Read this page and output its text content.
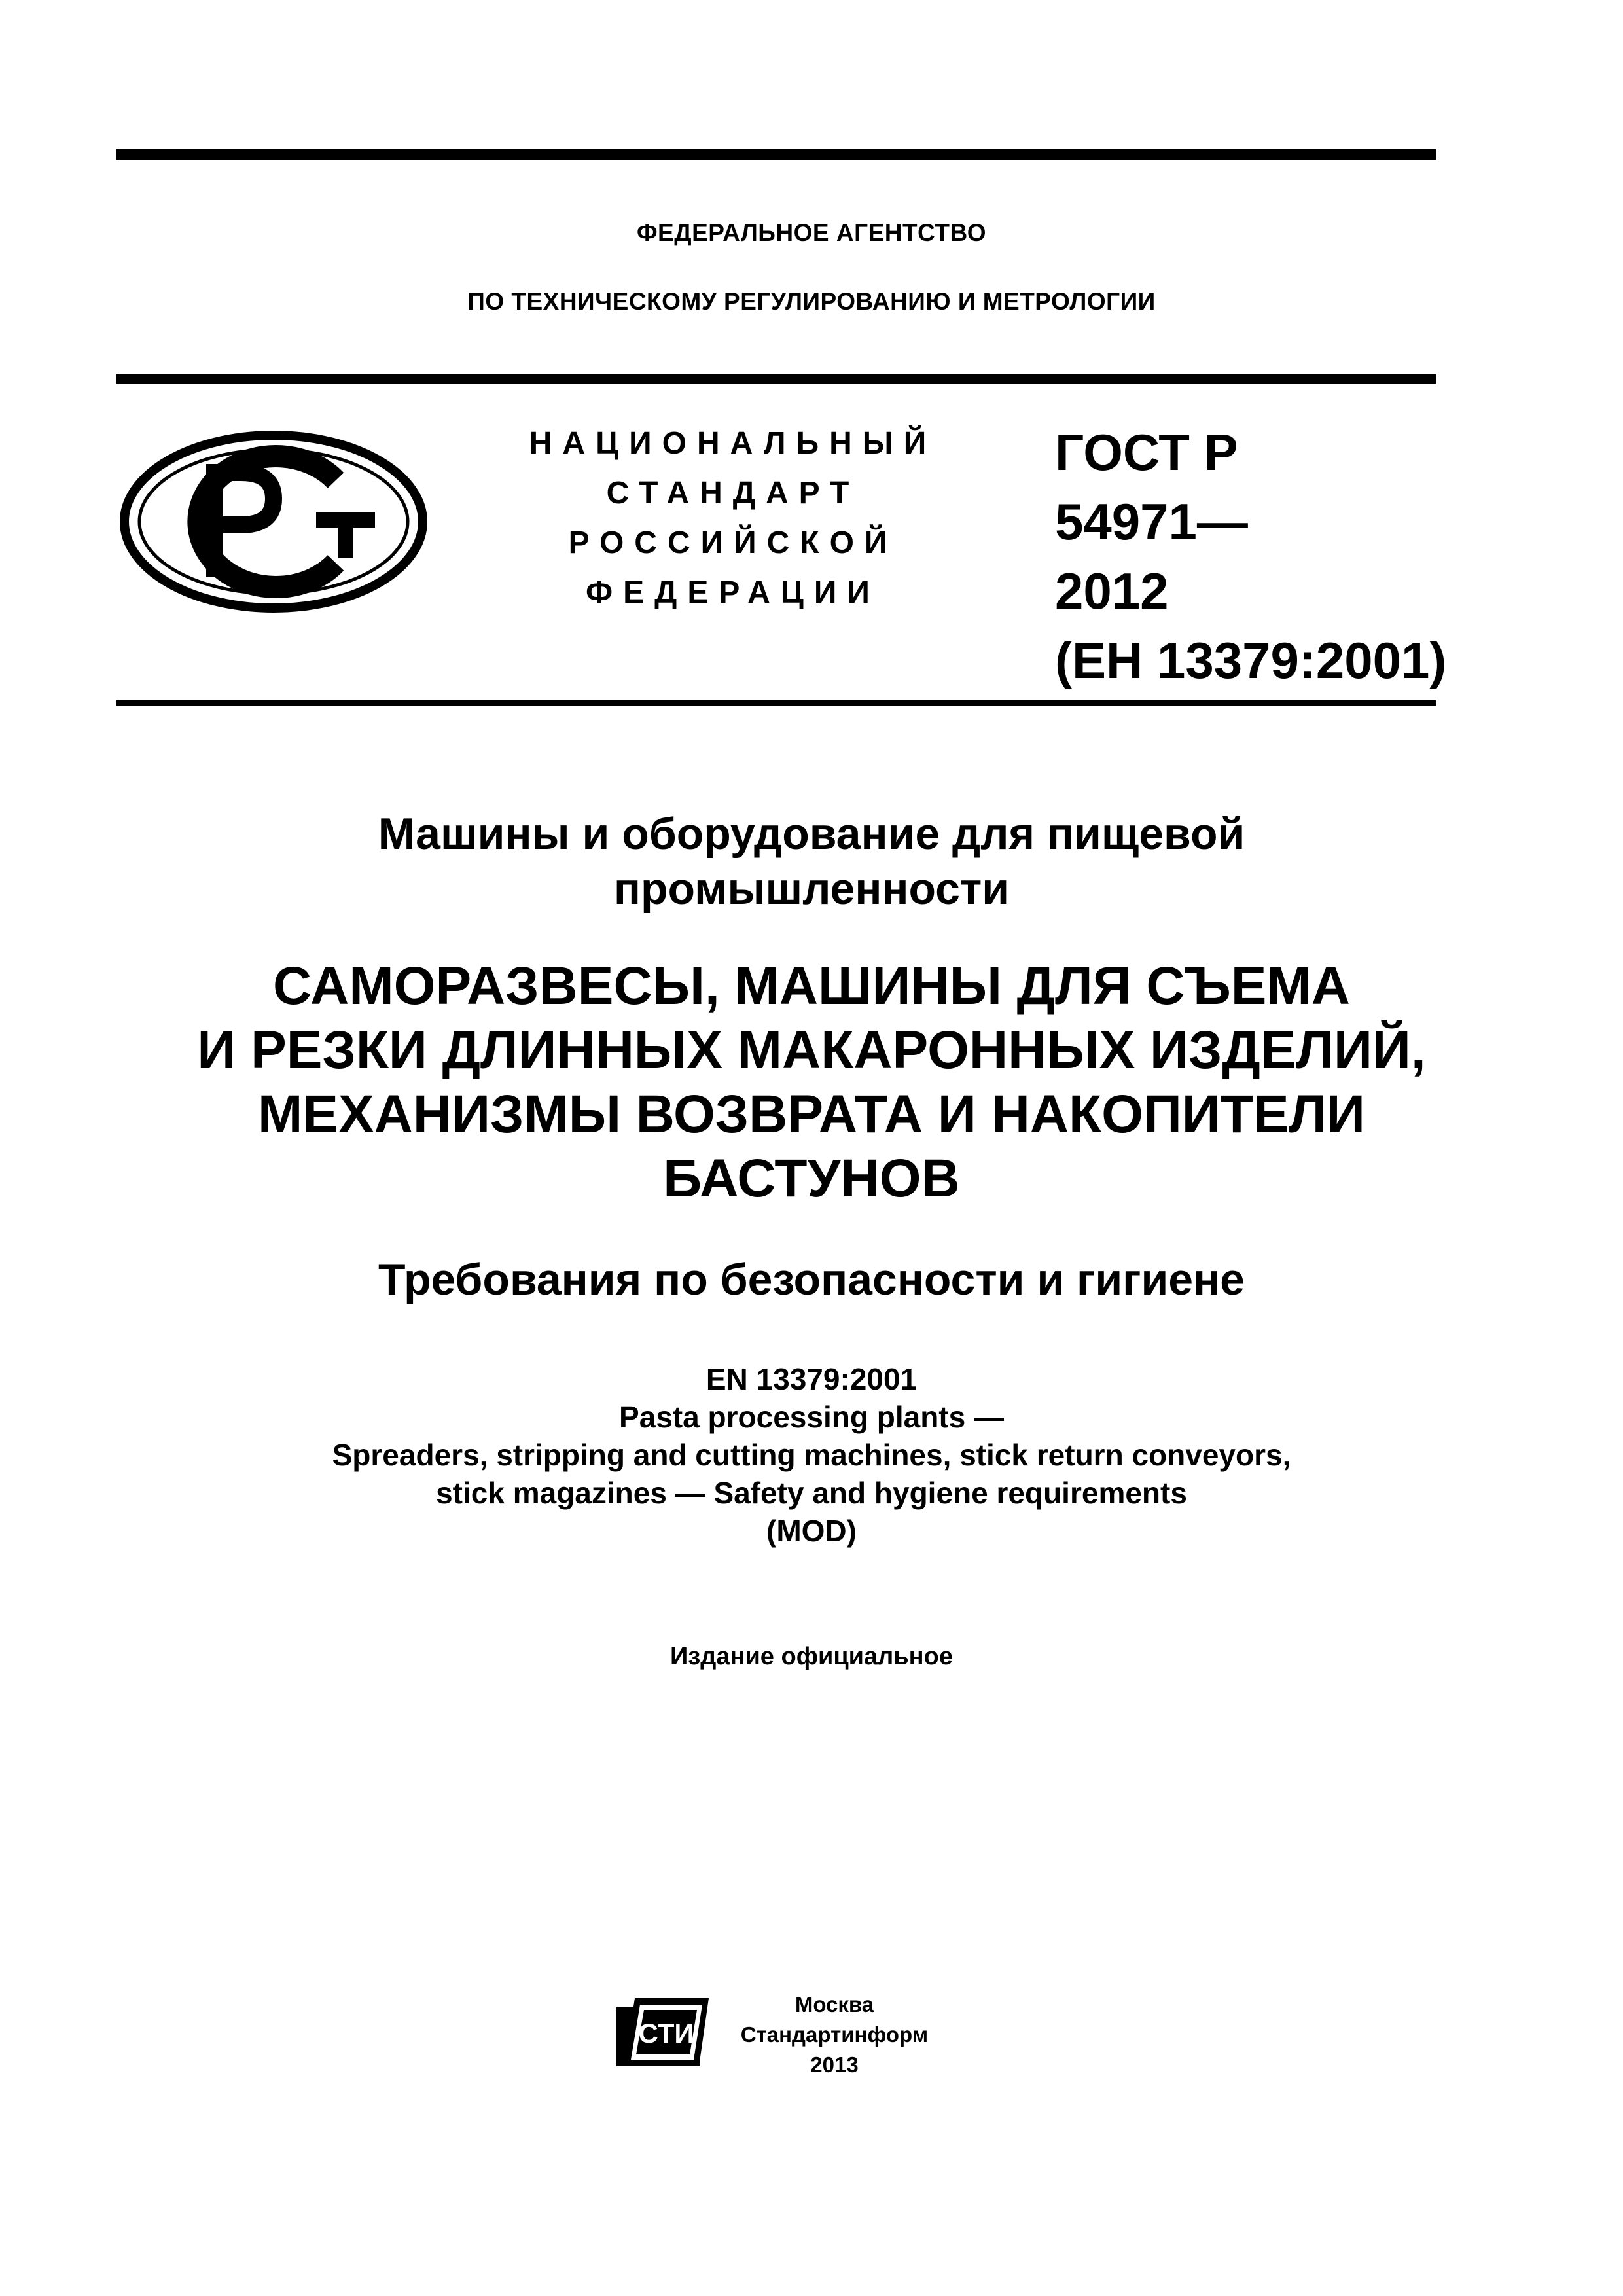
ФЕДЕРАЛЬНОЕ АГЕНТСТВО
ПО ТЕХНИЧЕСКОМУ РЕГУЛИРОВАНИЮ И МЕТРОЛОГИИ
НАЦИОНАЛЬНЫЙ
СТАНДАРТ
РОССИЙСКОЙ
ФЕДЕРАЦИИ
ГОСТ Р
54971—
2012
(ЕН 13379:2001)
Машины и оборудование для пищевой
промышленности
САМОРАЗВЕСЫ, МАШИНЫ ДЛЯ СЪЕМА
И РЕЗКИ ДЛИННЫХ МАКАРОННЫХ ИЗДЕЛИЙ,
МЕХАНИЗМЫ ВОЗВРАТА И НАКОПИТЕЛИ
БАСТУНОВ
Требования по безопасности и гигиене
EN 13379:2001
Pasta processing plants —
Spreaders, stripping and cutting machines, stick return conveyors,
stick magazines — Safety and hygiene requirements
(MOD)
Издание официальное
СТИ
Москва
Стандартинформ
2013
